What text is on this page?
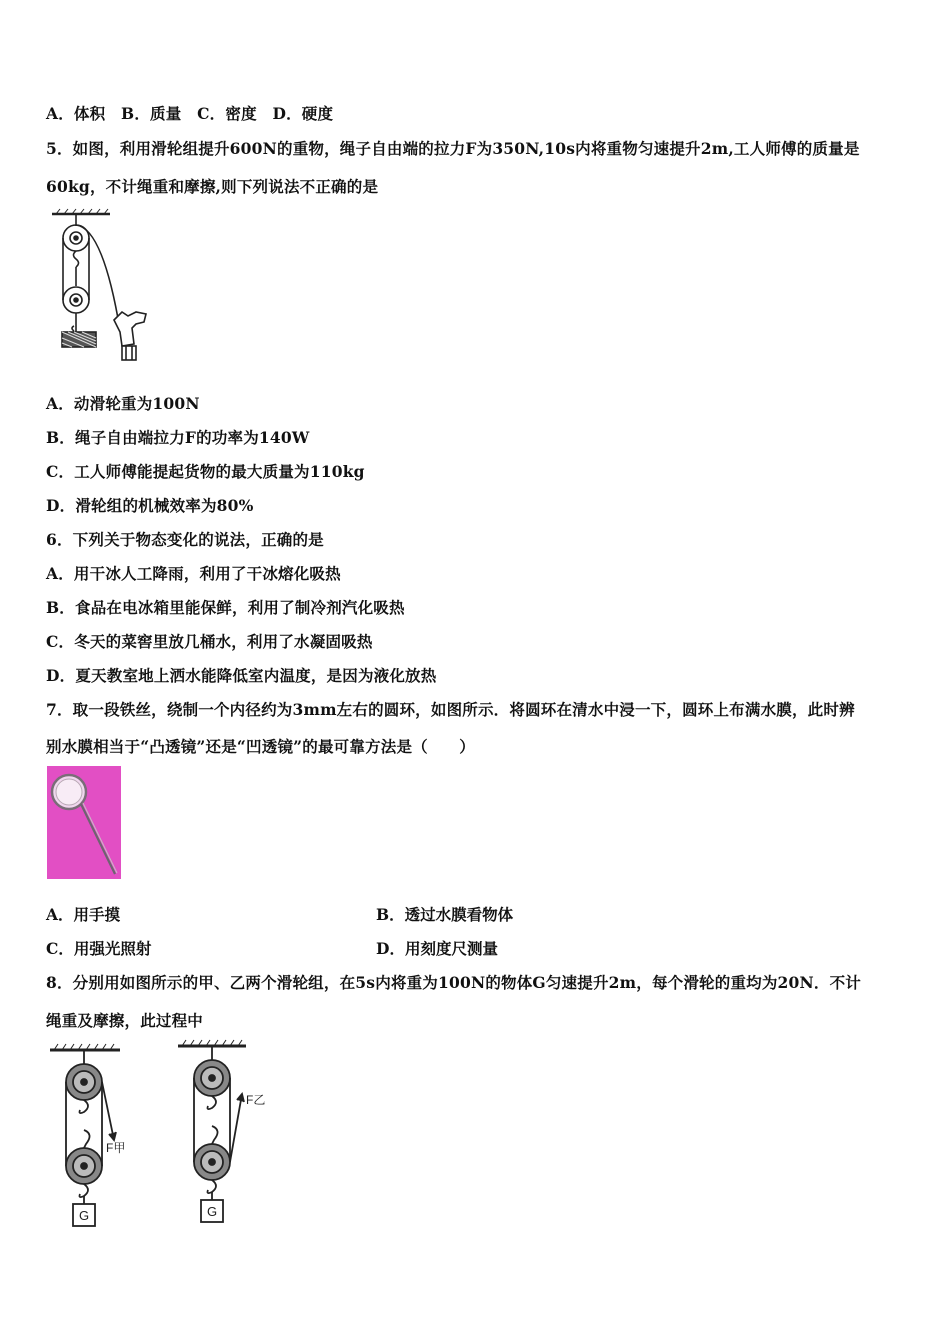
A．体积　B．质量　C．密度　D．硬度
5．如图，利用滑轮组提升600N的重物，绳子自由端的拉力F为350N,10s内将重物匀速提升2m,工人师傅的质量是
60kg，不计绳重和摩擦,则下列说法不正确的是
A．动滑轮重为100N
B．绳子自由端拉力F的功率为140W
C．工人师傅能提起货物的最大质量为110kg
D．滑轮组的机械效率为80%
6．下列关于物态变化的说法，正确的是
A．用干冰人工降雨，利用了干冰熔化吸热
B．食品在电冰箱里能保鲜，利用了制冷剂汽化吸热
C．冬天的菜窖里放几桶水，利用了水凝固吸热
D．夏天教室地上洒水能降低室内温度，是因为液化放热
7．取一段铁丝，绕制一个内径约为3mm左右的圆环，如图所示．将圆环在清水中浸一下，圆环上布满水膜，此时辨
别水膜相当于“凸透镜”还是“凹透镜”的最可靠方法是（　　）
A．用手摸	B．透过水膜看物体
C．用强光照射	D．用刻度尺测量
8．分别用如图所示的甲、乙两个滑轮组，在5s内将重为100N的物体G匀速提升2m，每个滑轮的重均为20N．不计
绳重及摩擦，此过程中
G
F甲
G
F乙
